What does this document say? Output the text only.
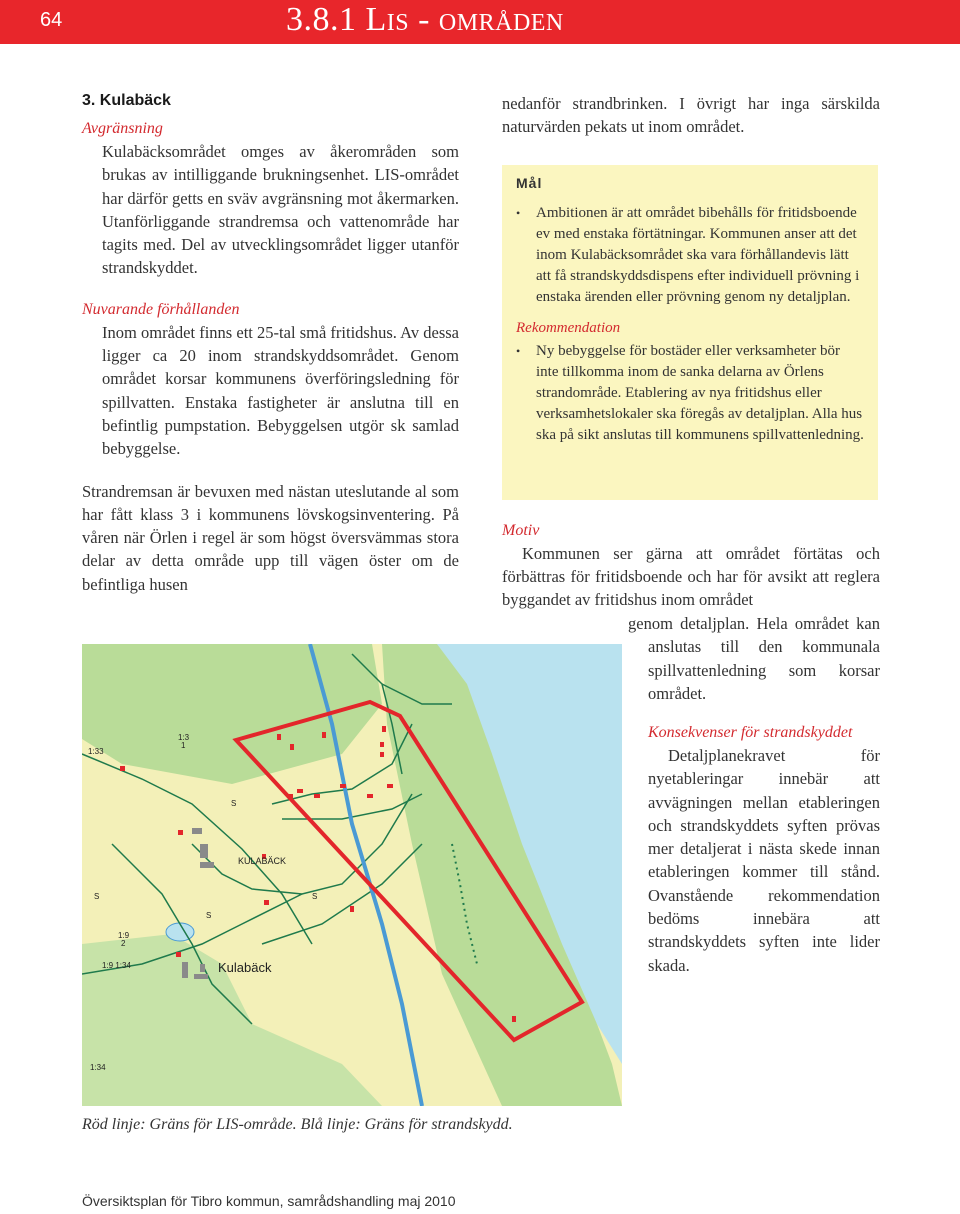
64	3.8.1 Lis - områden
3. Kulabäck
Avgränsning

Kulabäcksområdet omges av åkerområden som brukas av intilliggande brukningsenhet. LIS-området har därför getts en sväv avgränsning mot åkermarken. Utanförliggande strandremsa och vattenområde har tagits med. Del av utvecklingsområdet ligger utanför strandskyddet.

Nuvarande förhållanden

Inom området finns ett 25-tal små fritidshus. Av dessa ligger ca 20 inom strandskyddsområdet. Genom området korsar kommunens överföringsledning för spillvatten. Enstaka fastigheter är anslutna till en befintlig pumpstation. Bebyggelsen utgör sk samlad bebyggelse.

Strandremsan är bevuxen med nästan uteslutande al som har fått klass 3 i kommunens lövskogsinventering. På våren när Örlen i regel är som högst översvämmas stora delar av detta område upp till vägen öster om de befintliga husen

nedanför strandbrinken. I övrigt har inga särskilda naturvärden pekats ut inom området.

Mål
•	Ambitionen är att området bibehålls för fritidsboende ev med enstaka förtätningar. Kommunen anser att det inom Kulabäcksområdet ska vara förhållandevis lätt att få strandskyddsdispens efter individuell prövning i enstaka ärenden eller prövning genom ny detaljplan.
Rekommendation
•	Ny bebyggelse för bostäder eller verksamheter bör inte tillkomma inom de sanka delarna av Örlens strandområde. Etablering av nya fritidshus eller verksamhetslokaler ska föregås av detaljplan. Alla hus ska på sikt anslutas till kommunens spillvattenledning.
Motiv

Kommunen ser gärna att området förtätas och förbättras för fritidsboende och har för avsikt att reglera byggandet av fritidshus inom området

genom detaljplan. Hela området kan anslutas till den kommunala spillvattenledning som korsar området.

Konsekvenser för strandskyddet

Detaljplanekravet för nyetableringar innebär att avvägningen mellan etableringen och strandskyddets syften prövas mer detaljerat i nästa skede innan etableringen kommer till stånd. Ovanstående rekommendation bedöms innebära att strandskyddets syften inte lider skada.

1:3
1
1:33
S
KULABÄCK
S	S
S
1:9
2
1:9 1:34	Kulabäck
1:34
Röd linje: Gräns för LIS-område. Blå linje: Gräns för strandskydd.
Översiktsplan för Tibro kommun, samrådshandling maj 2010
